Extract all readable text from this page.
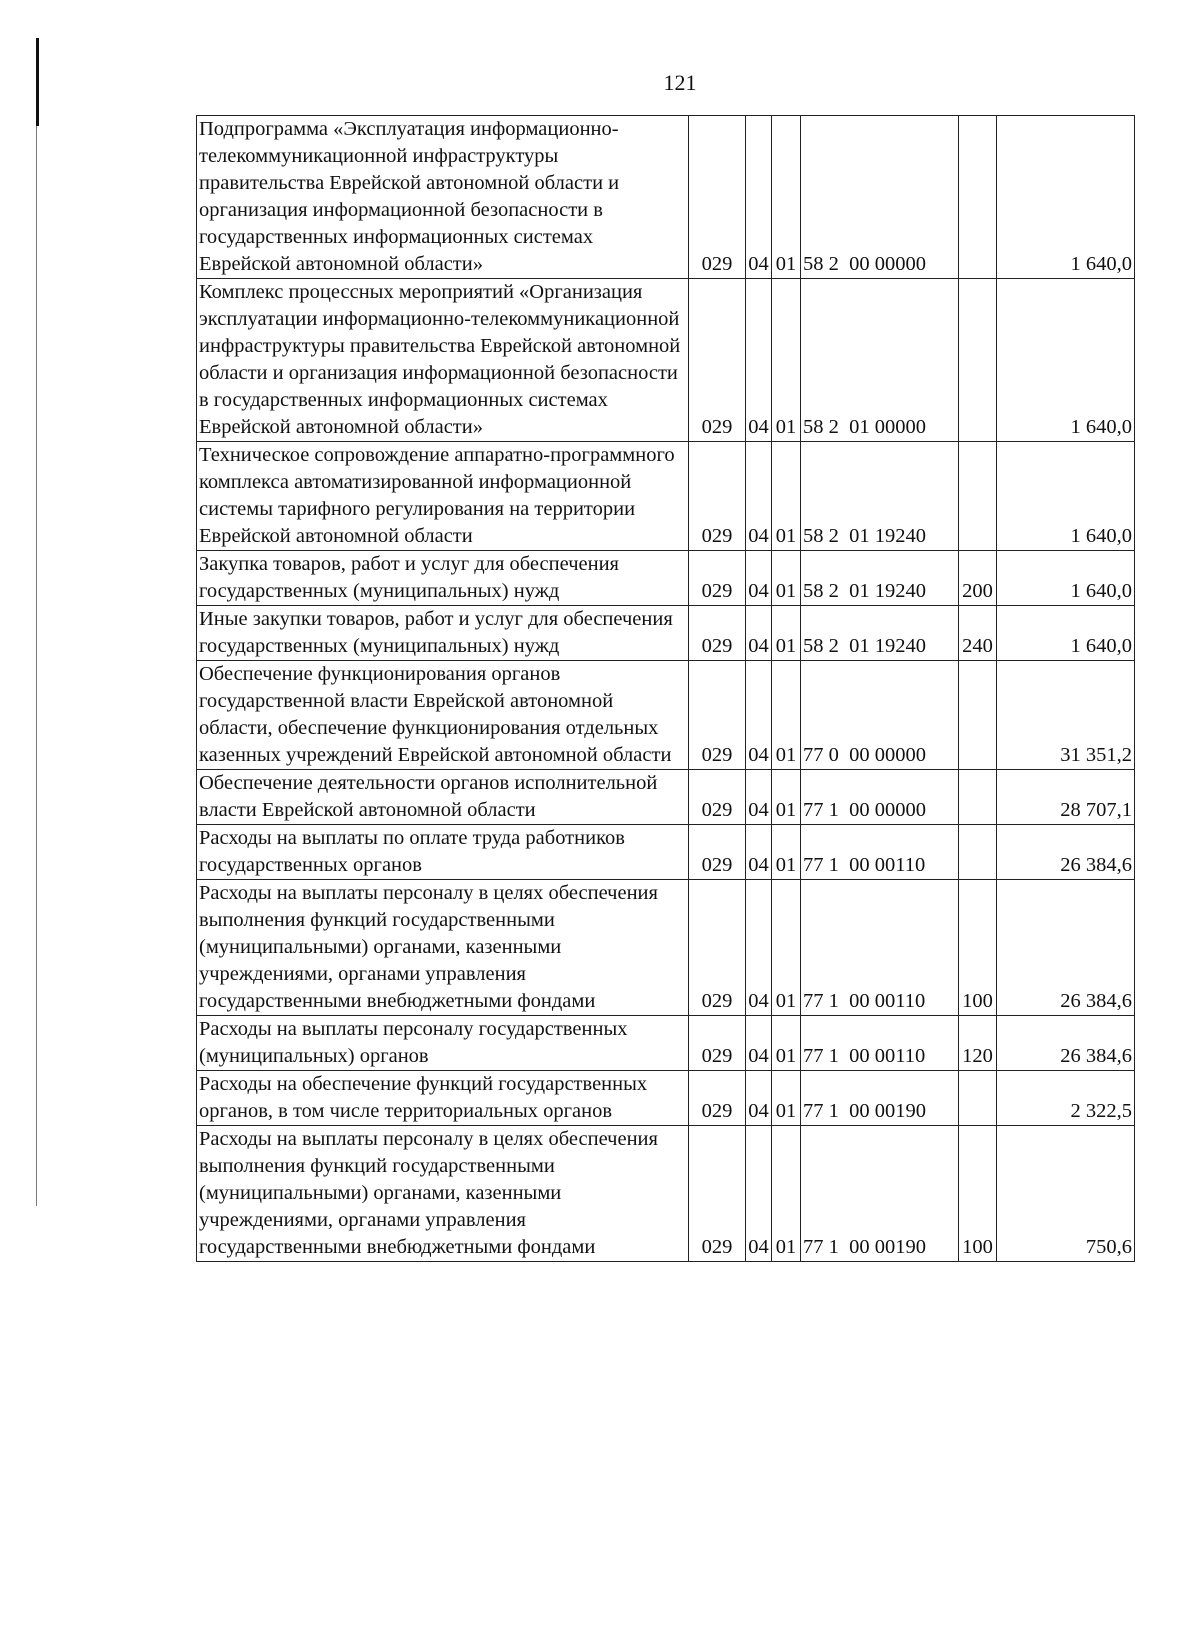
121
Подпрограмма «Эксплуатация информационно-телекоммуникационной инфраструктуры правительства Еврейской автономной области и организация информационной безопасности в государственных информационных системах Еврейской автономной области»	029	04	01	58 2  00 00000		1 640,0
Комплекс процессных мероприятий «Организация эксплуатации информационно-телекоммуникационной инфраструктуры правительства Еврейской автономной области и организация информационной безопасности в государственных информационных системах Еврейской автономной области»	029	04	01	58 2  01 00000		1 640,0
Техническое сопровождение аппаратно-программного комплекса автоматизированной информационной системы тарифного регулирования на территории Еврейской автономной области	029	04	01	58 2  01 19240		1 640,0
Закупка товаров, работ и услуг для обеспечения государственных (муниципальных) нужд	029	04	01	58 2  01 19240	200	1 640,0
Иные закупки товаров, работ и услуг для обеспечения государственных (муниципальных) нужд	029	04	01	58 2  01 19240	240	1 640,0
Обеспечение функционирования органов государственной власти Еврейской автономной области, обеспечение функционирования отдельных казенных учреждений Еврейской автономной области	029	04	01	77 0  00 00000		31 351,2
Обеспечение деятельности органов исполнительной власти Еврейской автономной области	029	04	01	77 1  00 00000		28 707,1
Расходы на выплаты по оплате труда работников государственных органов	029	04	01	77 1  00 00110		26 384,6
Расходы на выплаты персоналу в целях обеспечения выполнения функций государственными (муниципальными) органами, казенными учреждениями, органами управления государственными внебюджетными фондами	029	04	01	77 1  00 00110	100	26 384,6
Расходы на выплаты персоналу государственных (муниципальных) органов	029	04	01	77 1  00 00110	120	26 384,6
Расходы на обеспечение функций государственных органов, в том числе территориальных органов	029	04	01	77 1  00 00190		2 322,5
Расходы на выплаты персоналу в целях обеспечения выполнения функций государственными (муниципальными) органами, казенными учреждениями, органами управления государственными внебюджетными фондами	029	04	01	77 1  00 00190	100	750,6
